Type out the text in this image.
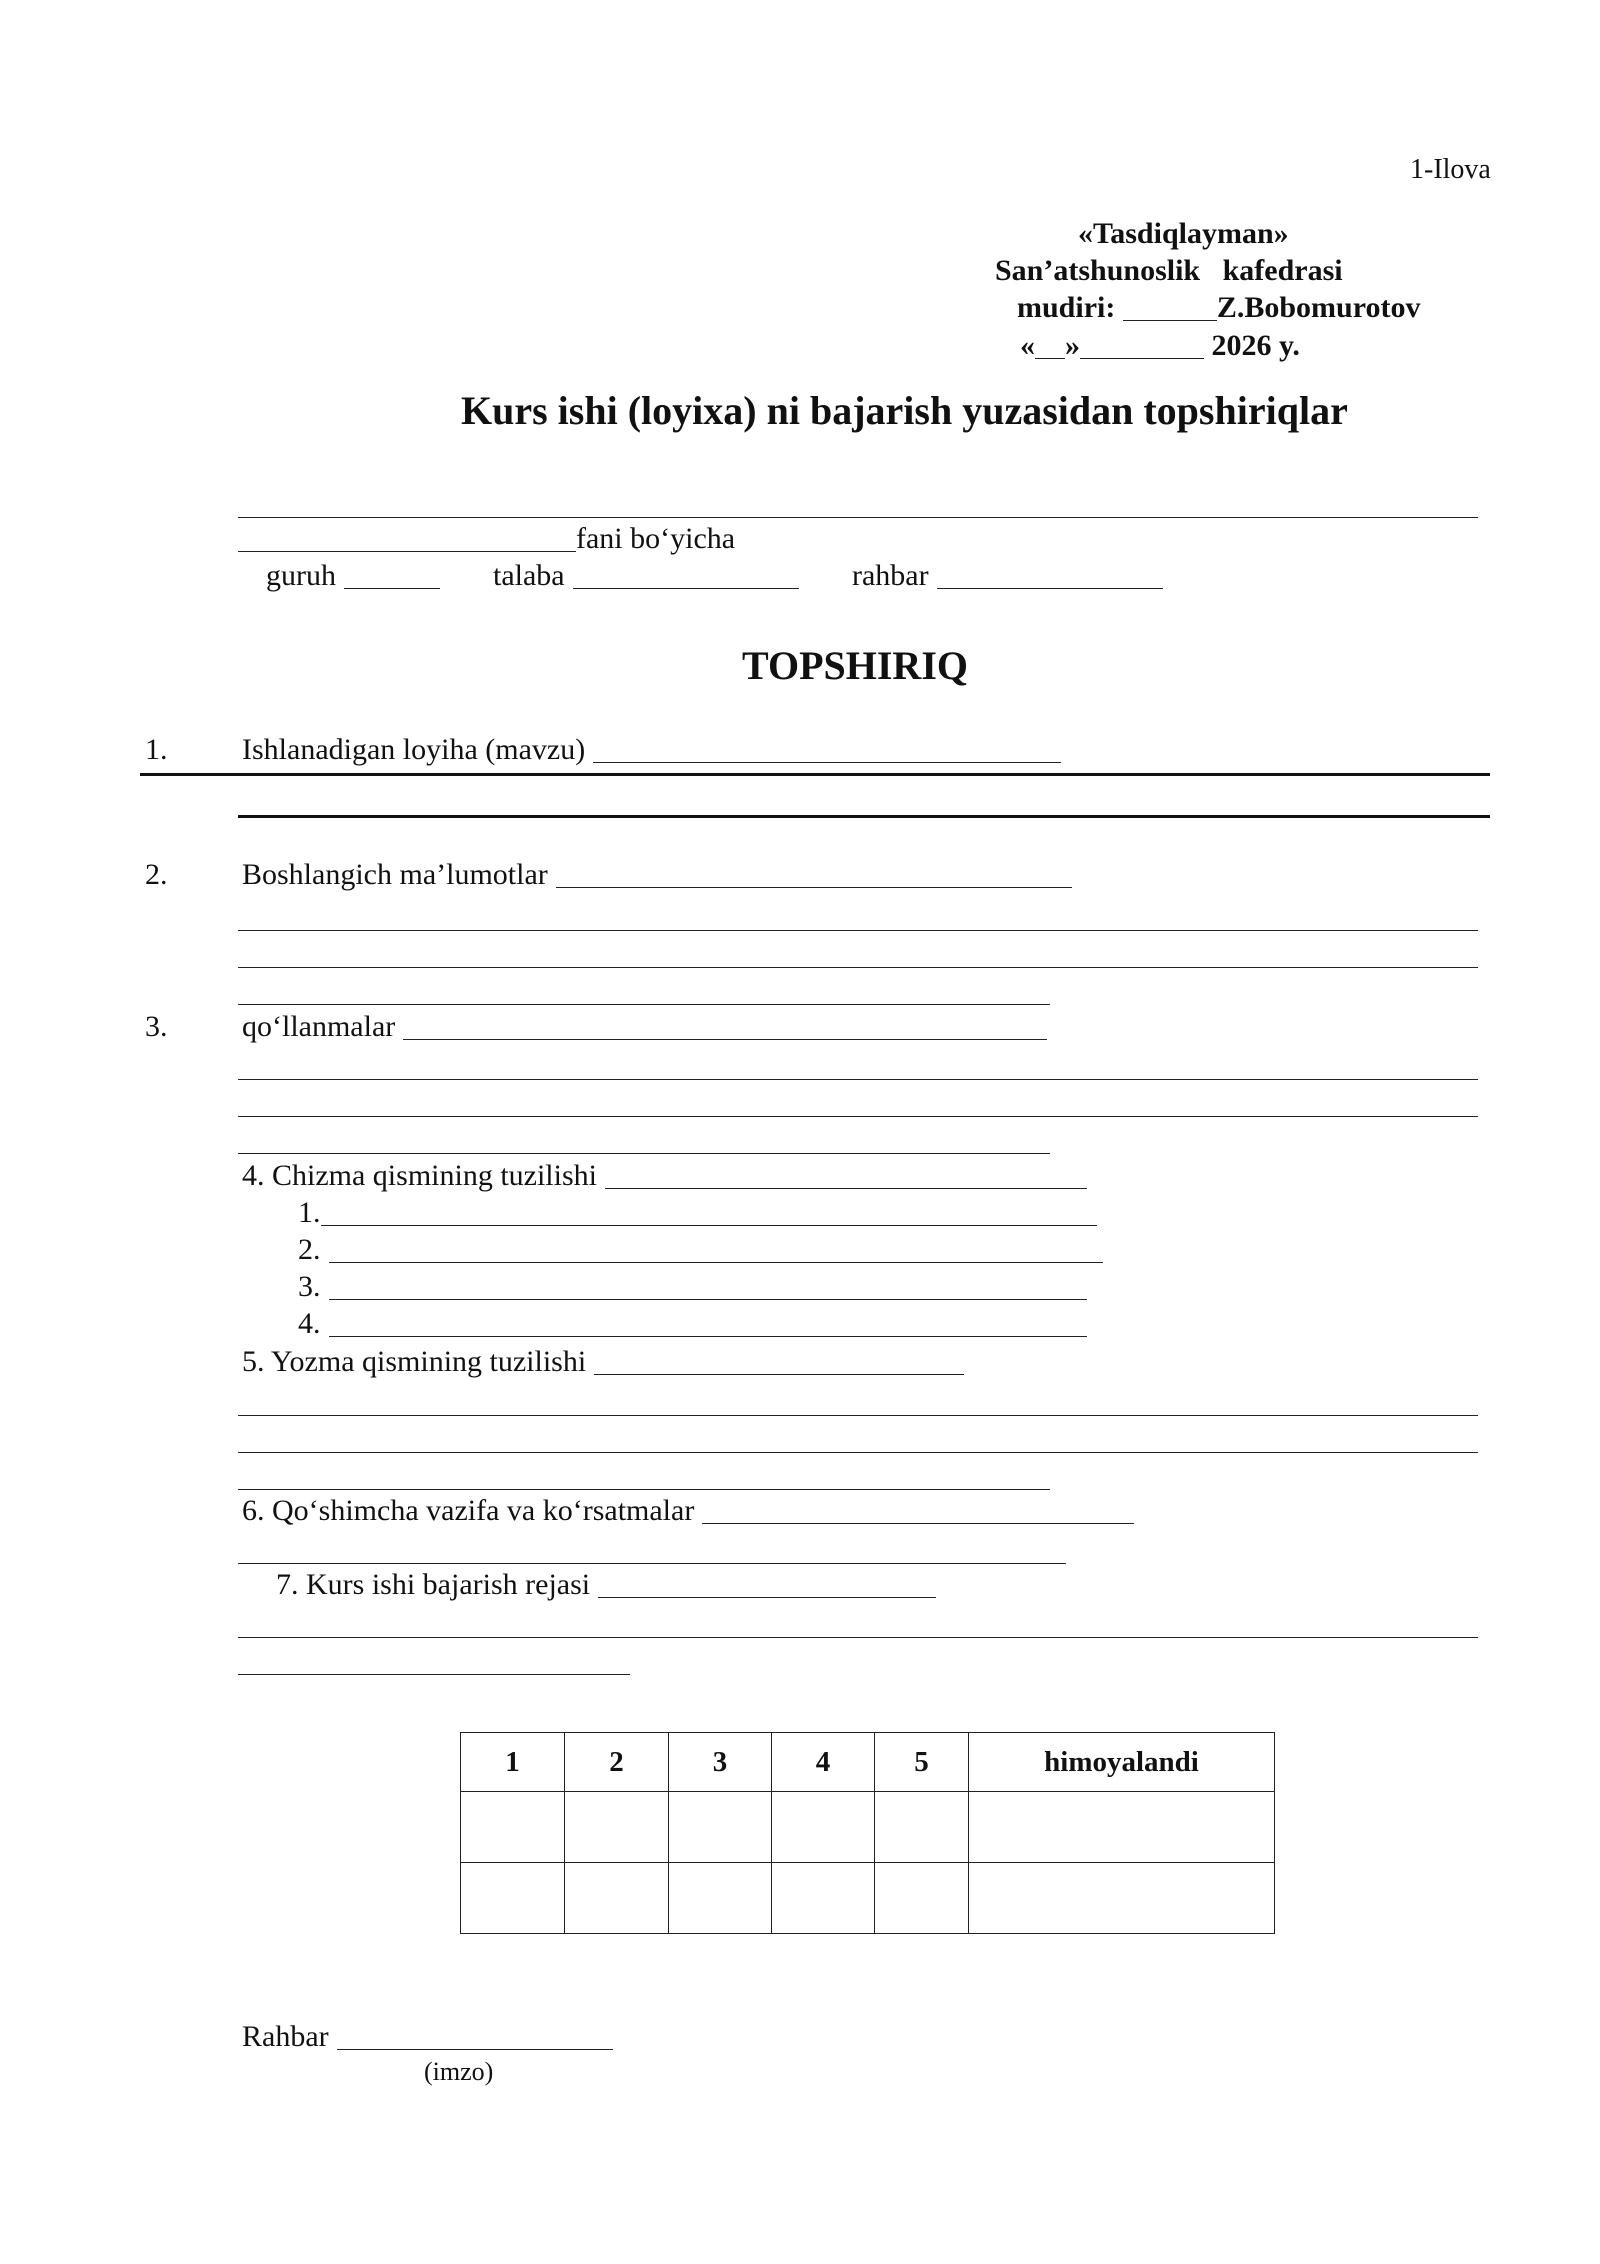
1-Ilova
«Tasdiqlayman»
San’atshunoslik   kafedrasi
mudiri:	Z.Bobomurotov
« »	2026 y.
Kurs ishi (loyixa) ni bajarish yuzasidan topshiriqlar
fani bo‘yicha
guruh	talaba	rahbar
TOPSHIRIQ
1. Ishlanadigan loyiha (mavzu)
2. Boshlangich ma’lumotlar
3. qo‘llanmalar
4. Chizma qismining tuzilishi
1.
2.
3.
4.
5. Yozma qismining tuzilishi
6. Qo‘shimcha vazifa va ko‘rsatmalar
7. Kurs ishi bajarish rejasi
1	2	3	4	5	himoyalandi

Rahbar
(imzo)
